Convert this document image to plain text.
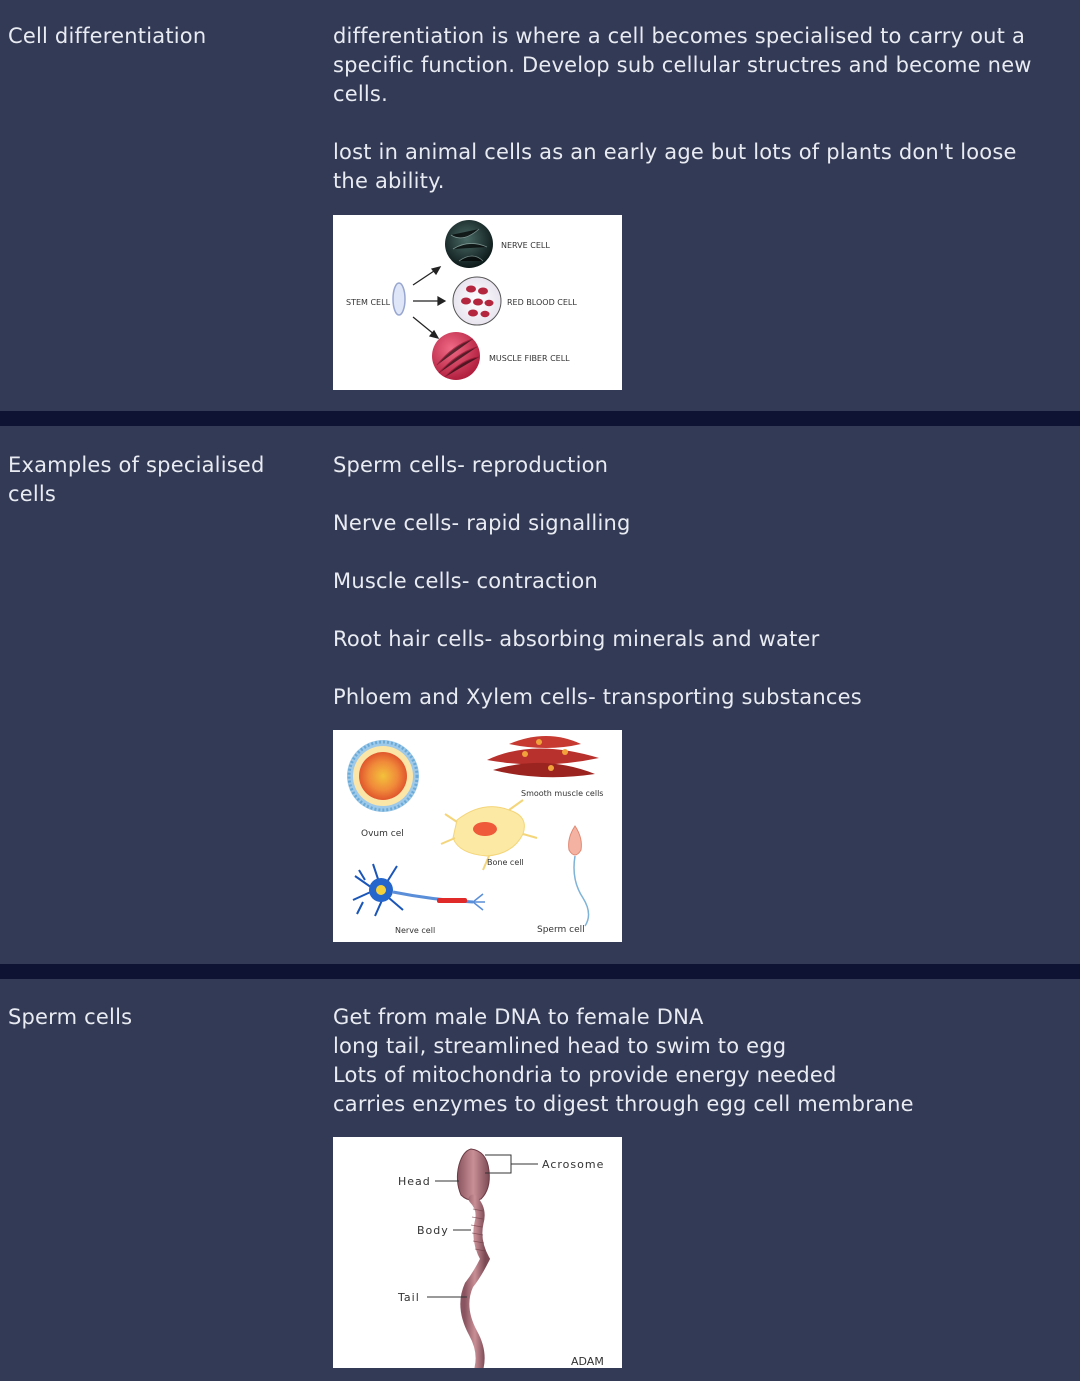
Cell differentiation	differentiation is where a cell becomes specialised to carry out a specific function. Develop sub cellular structres and become new cells.

lost in animal cells as an early age but lots of plants don't loose the ability.

STEM CELL
NERVE CELL
RED BLOOD CELL
MUSCLE FIBER CELL
Examples of specialised cells

Sperm cells- reproduction

Nerve cells- rapid signalling

Muscle cells- contraction

Root hair cells- absorbing minerals and water

Phloem and Xylem cells- transporting substances

Ovum cel
Smooth muscle cells
Bone cell
Sperm cell
Nerve cell
Sperm cells	Get from male DNA to female DNA

long tail, streamlined head to swim to egg

Lots of mitochondria to provide energy needed

carries enzymes to digest through egg cell membrane

Acrosome
Head
Body
Tail
ADAM
